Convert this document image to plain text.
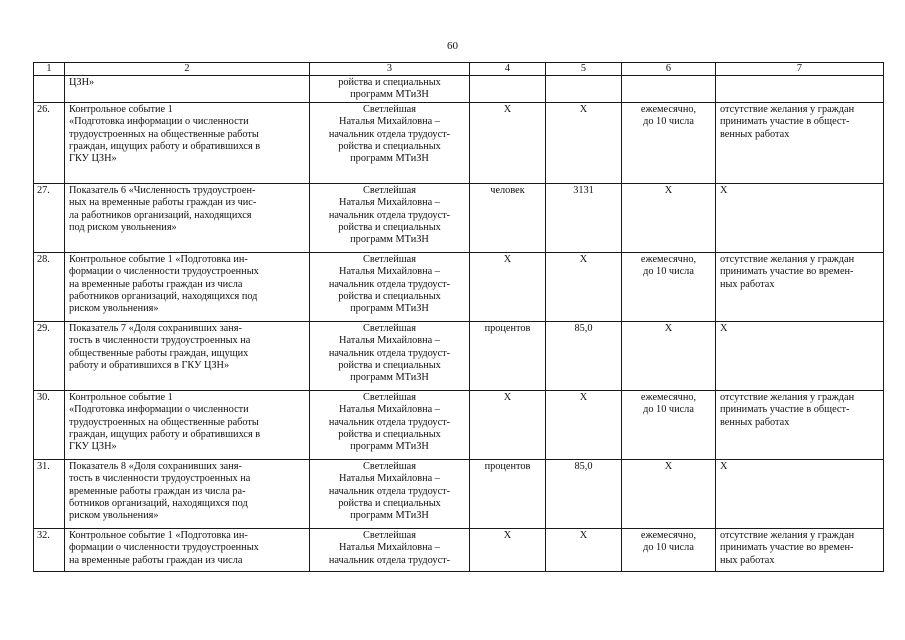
60
1	2	3	4	5	6	7

	ЦЗН»	ройства и специальных
программ МТиЗН				

26.	Контрольное событие 1
«Подготовка информации о численности
трудоустроенных на общественные работы
граждан, ищущих работу и обратившихся в
ГКУ ЦЗН»	Светлейшая
Наталья Михайловна –
начальник отдела трудоуст-
ройства и специальных
программ МТиЗН	Х	Х	ежемесячно,
до 10 числа	отсутствие желания у граждан
принимать участие в общест-
венных работах

27.	Показатель 6 «Численность трудоустроен-
ных на временные работы граждан из чис-
ла работников организаций, находящихся
под риском увольнения»	Светлейшая
Наталья Михайловна –
начальник отдела трудоуст-
ройства и специальных
программ МТиЗН	человек	3131	Х	Х

28.	Контрольное событие 1 «Подготовка ин-
формации о численности трудоустроенных
на временные работы граждан из числа
работников организаций, находящихся под
риском увольнения»	Светлейшая
Наталья Михайловна –
начальник отдела трудоуст-
ройства и специальных
программ МТиЗН	Х	Х	ежемесячно,
до 10 числа	отсутствие желания у граждан
принимать участие во времен-
ных работах

29.	Показатель 7 «Доля сохранивших заня-
тость в численности трудоустроенных на
общественные работы граждан, ищущих
работу и обратившихся в ГКУ ЦЗН»	Светлейшая
Наталья Михайловна –
начальник отдела трудоуст-
ройства и специальных
программ МТиЗН	процентов	85,0	Х	Х

30.	Контрольное событие 1
«Подготовка информации о численности
трудоустроенных на общественные работы
граждан, ищущих работу и обратившихся в
ГКУ ЦЗН»	Светлейшая
Наталья Михайловна –
начальник отдела трудоуст-
ройства и специальных
программ МТиЗН	Х	Х	ежемесячно,
до 10 числа	отсутствие желания у граждан
принимать участие в общест-
венных работах

31.	Показатель 8 «Доля сохранивших заня-
тость в численности трудоустроенных на
временные работы граждан из числа ра-
ботников организаций, находящихся под
риском увольнения»	Светлейшая
Наталья Михайловна –
начальник отдела трудоуст-
ройства и специальных
программ МТиЗН	процентов	85,0	Х	Х

32.	Контрольное событие 1 «Подготовка ин-
формации о численности трудоустроенных
на временные работы граждан из числа	Светлейшая
Наталья Михайловна –
начальник отдела трудоуст-	Х	Х	ежемесячно,
до 10 числа	отсутствие желания у граждан
принимать участие во времен-
ных работах
